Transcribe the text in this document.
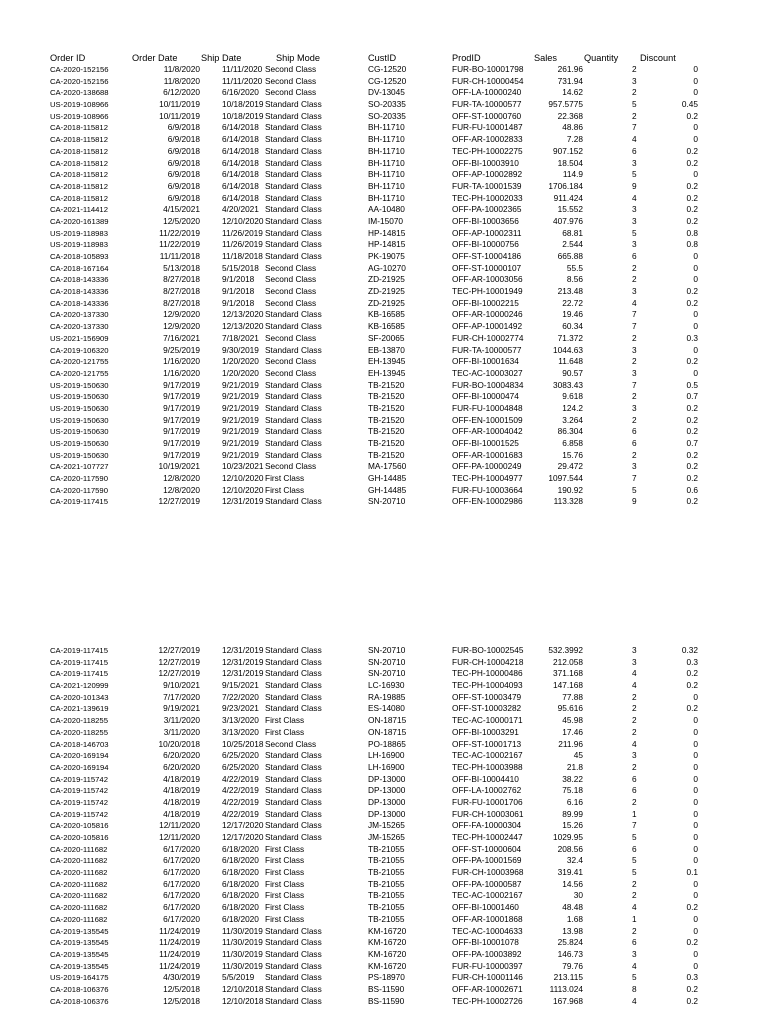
Order ID	Order Date	Ship Date	Ship Mode	CustID	ProdID	Sales	Quantity Discount
CA-2020-152156	11/8/2020	11/11/2020 Second Class	CG-12520	FUR-BO-10001798	261.96	2	0
CA-2020-152156	11/8/2020	11/11/2020 Second Class	CG-12520	FUR-CH-10000454	731.94	3	0
CA-2020-138688	6/12/2020	6/16/2020 Second Class	DV-13045	OFF-LA-10000240	14.62	2	0
US-2019-108966	10/11/2019	10/18/2019 Standard Class	SO-20335	FUR-TA-10000577	957.5775	5	0.45
US-2019-108966	10/11/2019	10/18/2019 Standard Class	SO-20335	OFF-ST-10000760	22.368	2	0.2
CA-2018-115812	6/9/2018	6/14/2018 Standard Class	BH-11710	FUR-FU-10001487	48.86	7	0
CA-2018-115812	6/9/2018	6/14/2018 Standard Class	BH-11710	OFF-AR-10002833	7.28	4	0
CA-2018-115812	6/9/2018	6/14/2018 Standard Class	BH-11710	TEC-PH-10002275	907.152	6	0.2
CA-2018-115812	6/9/2018	6/14/2018 Standard Class	BH-11710	OFF-BI-10003910	18.504	3	0.2
CA-2018-115812	6/9/2018	6/14/2018 Standard Class	BH-11710	OFF-AP-10002892	114.9	5	0
CA-2018-115812	6/9/2018	6/14/2018 Standard Class	BH-11710	FUR-TA-10001539	1706.184	9	0.2
CA-2018-115812	6/9/2018	6/14/2018 Standard Class	BH-11710	TEC-PH-10002033	911.424	4	0.2
CA-2021-114412	4/15/2021	4/20/2021 Standard Class	AA-10480	OFF-PA-10002365	15.552	3	0.2
CA-2020-161389	12/5/2020	12/10/2020 Standard Class	IM-15070	OFF-BI-10003656	407.976	3	0.2
US-2019-118983	11/22/2019	11/26/2019 Standard Class	HP-14815	OFF-AP-10002311	68.81	5	0.8
US-2019-118983	11/22/2019	11/26/2019 Standard Class	HP-14815	OFF-BI-10000756	2.544	3	0.8
CA-2018-105893	11/11/2018	11/18/2018 Standard Class	PK-19075	OFF-ST-10004186	665.88	6	0
CA-2018-167164	5/13/2018	5/15/2018 Second Class	AG-10270	OFF-ST-10000107	55.5	2	0
CA-2018-143336	8/27/2018	9/1/2018 Second Class	ZD-21925	OFF-AR-10003056	8.56	2	0
CA-2018-143336	8/27/2018	9/1/2018 Second Class	ZD-21925	TEC-PH-10001949	213.48	3	0.2
CA-2018-143336	8/27/2018	9/1/2018 Second Class	ZD-21925	OFF-BI-10002215	22.72	4	0.2
CA-2020-137330	12/9/2020	12/13/2020 Standard Class	KB-16585	OFF-AR-10000246	19.46	7	0
CA-2020-137330	12/9/2020	12/13/2020 Standard Class	KB-16585	OFF-AP-10001492	60.34	7	0
US-2021-156909	7/16/2021	7/18/2021 Second Class	SF-20065	FUR-CH-10002774	71.372	2	0.3
CA-2019-106320	9/25/2019	9/30/2019 Standard Class	EB-13870	FUR-TA-10000577	1044.63	3	0
CA-2020-121755	1/16/2020	1/20/2020 Second Class	EH-13945	OFF-BI-10001634	11.648	2	0.2
CA-2020-121755	1/16/2020	1/20/2020 Second Class	EH-13945	TEC-AC-10003027	90.57	3	0
US-2019-150630	9/17/2019	9/21/2019 Standard Class	TB-21520	FUR-BO-10004834	3083.43	7	0.5
US-2019-150630	9/17/2019	9/21/2019 Standard Class	TB-21520	OFF-BI-10000474	9.618	2	0.7
US-2019-150630	9/17/2019	9/21/2019 Standard Class	TB-21520	FUR-FU-10004848	124.2	3	0.2
US-2019-150630	9/17/2019	9/21/2019 Standard Class	TB-21520	OFF-EN-10001509	3.264	2	0.2
US-2019-150630	9/17/2019	9/21/2019 Standard Class	TB-21520	OFF-AR-10004042	86.304	6	0.2
US-2019-150630	9/17/2019	9/21/2019 Standard Class	TB-21520	OFF-BI-10001525	6.858	6	0.7
US-2019-150630	9/17/2019	9/21/2019 Standard Class	TB-21520	OFF-AR-10001683	15.76	2	0.2
CA-2021-107727	10/19/2021	10/23/2021 Second Class	MA-17560	OFF-PA-10000249	29.472	3	0.2
CA-2020-117590	12/8/2020	12/10/2020 First Class	GH-14485	TEC-PH-10004977	1097.544	7	0.2
CA-2020-117590	12/8/2020	12/10/2020 First Class	GH-14485	FUR-FU-10003664	190.92	5	0.6
CA-2019-117415	12/27/2019	12/31/2019 Standard Class	SN-20710	OFF-EN-10002986	113.328	9	0.2
CA-2019-117415	12/27/2019	12/31/2019 Standard Class	SN-20710	FUR-BO-10002545	532.3992	3	0.32
CA-2019-117415	12/27/2019	12/31/2019 Standard Class	SN-20710	FUR-CH-10004218	212.058	3	0.3
CA-2019-117415	12/27/2019	12/31/2019 Standard Class	SN-20710	TEC-PH-10000486	371.168	4	0.2
CA-2021-120999	9/10/2021	9/15/2021 Standard Class	LC-16930	TEC-PH-10004093	147.168	4	0.2
CA-2020-101343	7/17/2020	7/22/2020 Standard Class	RA-19885	OFF-ST-10003479	77.88	2	0
CA-2021-139619	9/19/2021	9/23/2021 Standard Class	ES-14080	OFF-ST-10003282	95.616	2	0.2
CA-2020-118255	3/11/2020	3/13/2020 First Class	ON-18715	TEC-AC-10000171	45.98	2	0
CA-2020-118255	3/11/2020	3/13/2020 First Class	ON-18715	OFF-BI-10003291	17.46	2	0
CA-2018-146703	10/20/2018	10/25/2018 Second Class	PO-18865	OFF-ST-10001713	211.96	4	0
CA-2020-169194	6/20/2020	6/25/2020 Standard Class	LH-16900	TEC-AC-10002167	45	3	0
CA-2020-169194	6/20/2020	6/25/2020 Standard Class	LH-16900	TEC-PH-10003988	21.8	2	0
CA-2019-115742	4/18/2019	4/22/2019 Standard Class	DP-13000	OFF-BI-10004410	38.22	6	0
CA-2019-115742	4/18/2019	4/22/2019 Standard Class	DP-13000	OFF-LA-10002762	75.18	6	0
CA-2019-115742	4/18/2019	4/22/2019 Standard Class	DP-13000	FUR-FU-10001706	6.16	2	0
CA-2019-115742	4/18/2019	4/22/2019 Standard Class	DP-13000	FUR-CH-10003061	89.99	1	0
CA-2020-105816	12/11/2020	12/17/2020 Standard Class	JM-15265	OFF-FA-10000304	15.26	7	0
CA-2020-105816	12/11/2020	12/17/2020 Standard Class	JM-15265	TEC-PH-10002447	1029.95	5	0
CA-2020-111682	6/17/2020	6/18/2020 First Class	TB-21055	OFF-ST-10000604	208.56	6	0
CA-2020-111682	6/17/2020	6/18/2020 First Class	TB-21055	OFF-PA-10001569	32.4	5	0
CA-2020-111682	6/17/2020	6/18/2020 First Class	TB-21055	FUR-CH-10003968	319.41	5	0.1
CA-2020-111682	6/17/2020	6/18/2020 First Class	TB-21055	OFF-PA-10000587	14.56	2	0
CA-2020-111682	6/17/2020	6/18/2020 First Class	TB-21055	TEC-AC-10002167	30	2	0
CA-2020-111682	6/17/2020	6/18/2020 First Class	TB-21055	OFF-BI-10001460	48.48	4	0.2
CA-2020-111682	6/17/2020	6/18/2020 First Class	TB-21055	OFF-AR-10001868	1.68	1	0
CA-2019-135545	11/24/2019	11/30/2019 Standard Class	KM-16720	TEC-AC-10004633	13.98	2	0
CA-2019-135545	11/24/2019	11/30/2019 Standard Class	KM-16720	OFF-BI-10001078	25.824	6	0.2
CA-2019-135545	11/24/2019	11/30/2019 Standard Class	KM-16720	OFF-PA-10003892	146.73	3	0
CA-2019-135545	11/24/2019	11/30/2019 Standard Class	KM-16720	FUR-FU-10000397	79.76	4	0
US-2019-164175	4/30/2019	5/5/2019 Standard Class	PS-18970	FUR-CH-10001146	213.115	5	0.3
CA-2018-106376	12/5/2018	12/10/2018 Standard Class	BS-11590	OFF-AR-10002671	1113.024	8	0.2
CA-2018-106376	12/5/2018	12/10/2018 Standard Class	BS-11590	TEC-PH-10002726	167.968	4	0.2
